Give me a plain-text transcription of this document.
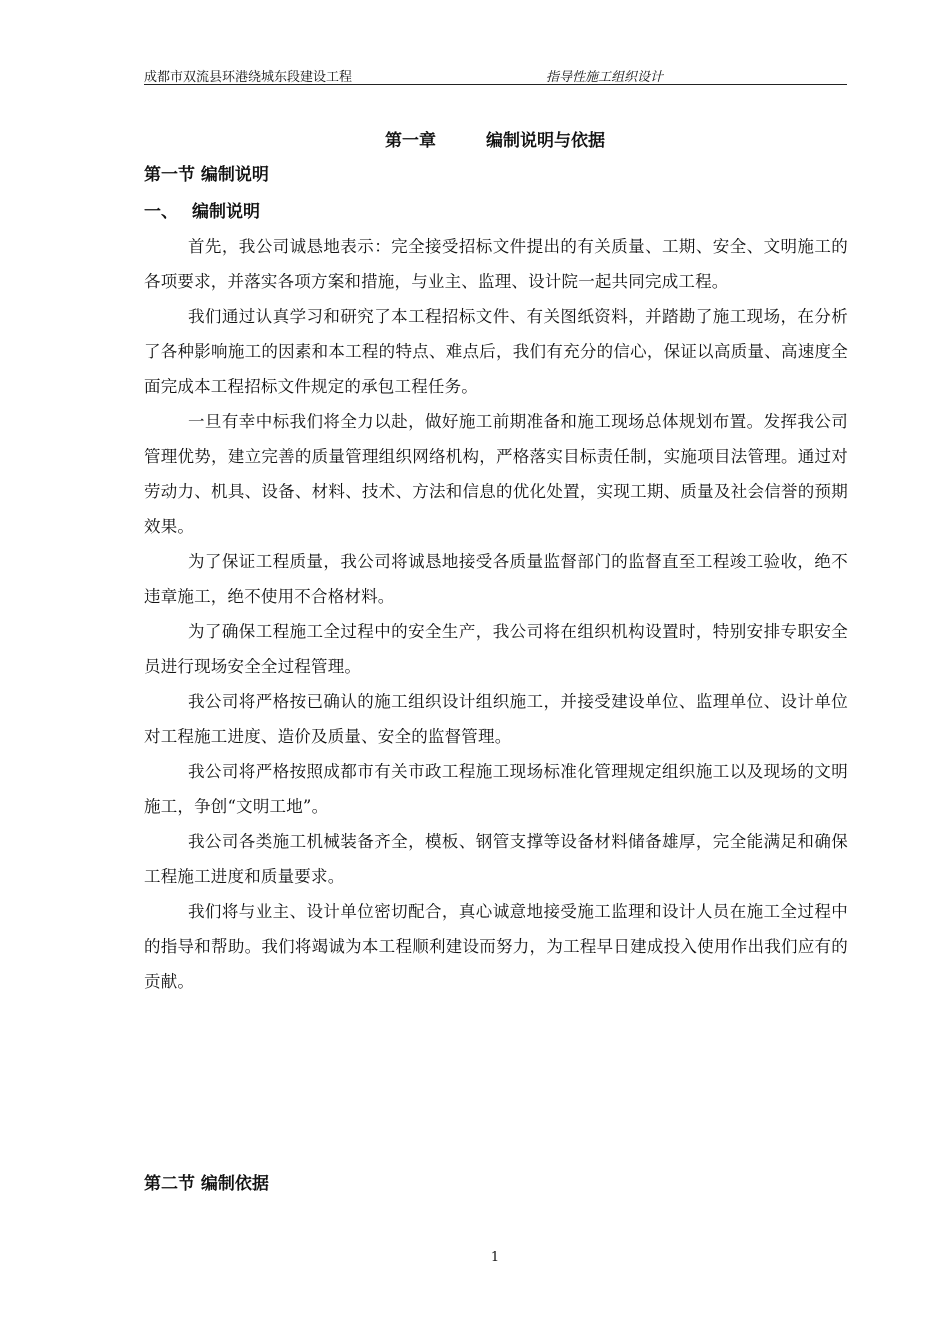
成都市双流县环港绕城东段建设工程	指导性施工组织设计
第一章	编制说明与依据
第一节 编制说明
一、 编制说明

首先，我公司诚恳地表示：完全接受招标文件提出的有关质量、工期、安全、文明施工的各项要求，并落实各项方案和措施，与业主、监理、设计院一起共同完成工程。

我们通过认真学习和研究了本工程招标文件、有关图纸资料，并踏勘了施工现场，在分析了各种影响施工的因素和本工程的特点、难点后，我们有充分的信心，保证以高质量、高速度全面完成本工程招标文件规定的承包工程任务。

一旦有幸中标我们将全力以赴，做好施工前期准备和施工现场总体规划布置。发挥我公司管理优势，建立完善的质量管理组织网络机构，严格落实目标责任制，实施项目法管理。通过对劳动力、机具、设备、材料、技术、方法和信息的优化处置，实现工期、质量及社会信誉的预期效果。

为了保证工程质量，我公司将诚恳地接受各质量监督部门的监督直至工程竣工验收，绝不违章施工，绝不使用不合格材料。

为了确保工程施工全过程中的安全生产，我公司将在组织机构设置时，特别安排专职安全员进行现场安全全过程管理。

我公司将严格按已确认的施工组织设计组织施工，并接受建设单位、监理单位、设计单位对工程施工进度、造价及质量、安全的监督管理。

我公司将严格按照成都市有关市政工程施工现场标准化管理规定组织施工以及现场的文明施工，争创“文明工地”。

我公司各类施工机械装备齐全，模板、钢管支撑等设备材料储备雄厚，完全能满足和确保工程施工进度和质量要求。

我们将与业主、设计单位密切配合，真心诚意地接受施工监理和设计人员在施工全过程中的指导和帮助。我们将竭诚为本工程顺利建设而努力，为工程早日建成投入使用作出我们应有的贡献。

第二节 编制依据
1
